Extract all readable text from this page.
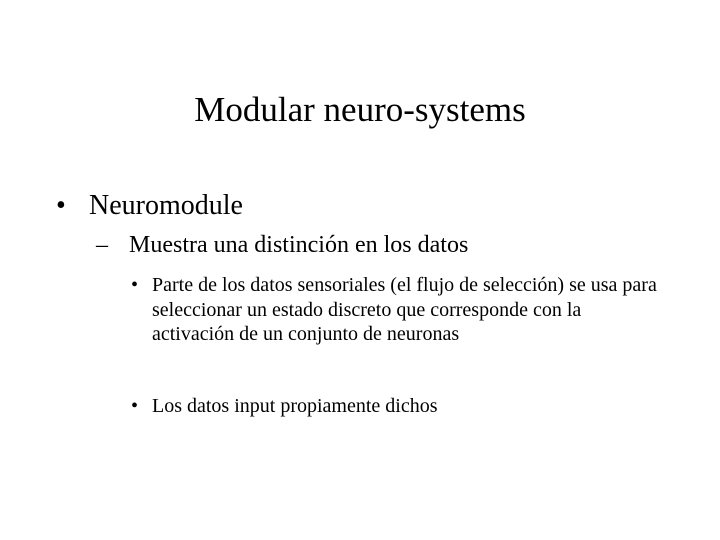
Modular neuro-systems
• Neuromodule
– Muestra una distinción en los datos
• Parte de los datos sensoriales (el flujo de selección) se usa para seleccionar un estado discreto que corresponde con la activación de un conjunto de neuronas
• Los datos input propiamente dichos
